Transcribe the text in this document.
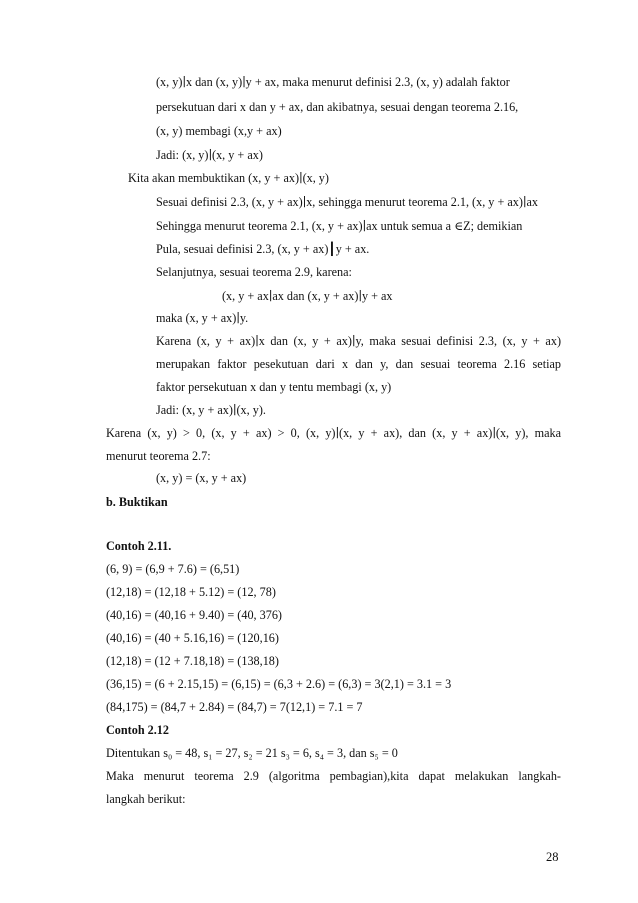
(x, y)∣x dan (x, y)∣y + ax, maka menurut definisi 2.3, (x, y) adalah faktor
persekutuan dari x dan y + ax, dan akibatnya, sesuai dengan teorema 2.16,
(x, y) membagi (x,y + ax)
Jadi: (x, y)∣(x, y + ax)
Kita akan membuktikan (x, y + ax)∣(x, y)
Sesuai definisi 2.3, (x, y + ax)∣x, sehingga menurut teorema 2.1, (x, y + ax)∣ax
Sehingga menurut teorema 2.1, (x, y + ax)∣ax untuk semua a ∈Z; demikian
Pula, sesuai definisi 2.3, (x, y + ax)┃y + ax.
Selanjutnya, sesuai teorema 2.9, karena:
(x, y + ax∣ax dan (x, y + ax)∣y + ax
maka (x, y + ax)∣y.
Karena (x, y + ax)∣x dan (x, y + ax)∣y, maka sesuai definisi 2.3, (x, y + ax)
merupakan faktor pesekutuan dari x dan y, dan sesuai teorema 2.16 setiap
faktor persekutuan x dan y tentu membagi (x, y)
Jadi: (x, y + ax)∣(x, y).
Karena (x, y) > 0, (x, y + ax) > 0, (x, y)∣(x, y + ax), dan (x, y + ax)∣(x, y), maka
menurut teorema 2.7:
(x, y) = (x, y + ax)
b. Buktikan
Contoh 2.11.
(6, 9) = (6,9 + 7.6) = (6,51)
(12,18) = (12,18 + 5.12) = (12, 78)
(40,16) = (40,16 + 9.40) = (40, 376)
(40,16) = (40 + 5.16,16) = (120,16)
(12,18) = (12 + 7.18,18) = (138,18)
(36,15) = (6 + 2.15,15) = (6,15) = (6,3 + 2.6) = (6,3) = 3(2,1) = 3.1 = 3
(84,175) = (84,7 + 2.84) = (84,7) = 7(12,1) = 7.1 = 7
Contoh 2.12
Ditentukan s₀ = 48, s₁ = 27, s₂ = 21 s₃ = 6, s₄ = 3, dan s₅ = 0
Maka menurut teorema 2.9 (algoritma pembagian),kita dapat melakukan langkah-
langkah berikut:
28
